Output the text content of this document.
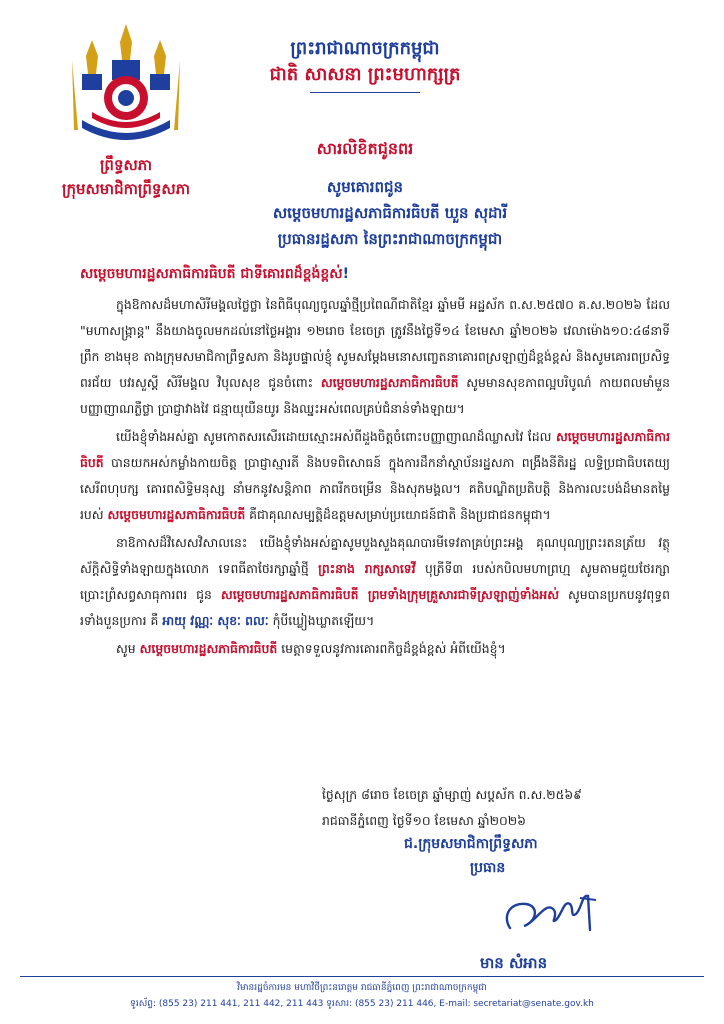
ព្រះរាជាណាចក្រកម្ពុជា
ជាតិ សាសនា ព្រះមហាក្សត្រ
ព្រឹទ្ធសភា
ក្រុមសមាជិកាព្រឹទ្ធសភា
សារលិខិតជូនពរ
សូមគោរពជូន
សម្ដេចមហារដ្ឋសភាធិការធិបតី ឃួន សុដារី
ប្រធានរដ្ឋសភា នៃព្រះរាជាណាចក្រកម្ពុជា
សម្ដេចមហារដ្ឋសភាធិការធិបតី ជាទីគោរពដ៏ខ្ពង់ខ្ពស់!

ក្នុងឱកាសដ៏មហាសិរីមង្គលថ្លៃថ្លា នៃពិធីបុណ្យចូលឆ្នាំថ្មីប្រពៃណីជាតិខ្មែរ ឆ្នាំមមី អដ្ឋស័ក ព.ស.២៥៧០ គ.ស.២០២៦ ដែល "មហាសង្ក្រាន្ត" នឹងយាងចូលមកដល់នៅថ្ងៃអង្គារ ១២រោច ខែចេត្រ ត្រូវនឹងថ្ងៃទី១៤ ខែមេសា ឆ្នាំ២០២៦ វេលាម៉ោង១០:៤៨នាទីព្រឹក ខាងមុខ តាងក្រុមសមាជិកាព្រឹទ្ធសភា និងរូបផ្ទាល់ខ្ញុំ សូមសម្ដែងមនោសញ្ចេតនាគោរពស្រឡាញ់ដ៏ខ្ពង់ខ្ពស់ និងសូមគោរពប្រសិទ្ធពរជ័យ បវរសួស្ដី សិរីមង្គល វិបុលសុខ ជូនចំពោះ សម្ដេចមហារដ្ឋសភាធិការធិបតី សូមមានសុខភាពល្អបរិបូណ៌ កាយពលមាំមួន បញ្ញាញាណភ្លឺថ្លា ប្រាជ្ញាវាងវៃ ជន្មាយុយឺនយូរ និងឈ្នះអស់ពេលគ្រប់ជំនាន់ទាំងឡាយ។

យើងខ្ញុំទាំងអស់គ្នា សូមកោតសរសើរដោយស្មោះអស់ពីដួងចិត្តចំពោះបញ្ញាញាណដ៏ឈ្លាសវៃ ដែល សម្ដេចមហារដ្ឋសភាធិការធិបតី បានយកអស់កម្លាំងកាយចិត្ត ប្រាជ្ញាស្មារតី និងបទពិសោធន៍ ក្នុងការដឹកនាំស្ថាប័នរដ្ឋសភា ពង្រឹងនីតិរដ្ឋ លទ្ធិប្រជាធិបតេយ្យ សេរីពហុបក្ស គោរពសិទ្ធិមនុស្ស នាំមកនូវសន្តិភាព ភាពរីកចម្រើន និងសុភមង្គល។ គតិបណ្ឌិតប្រតិបត្តិ និងការលះបង់ដ៏មានតម្លៃរបស់ សម្ដេចមហារដ្ឋសភាធិការធិបតី គឺជាគុណសម្បត្តិដ៏ឧត្តមសម្រាប់ប្រយោជន៍ជាតិ និងប្រជាជនកម្ពុជា។

នាឱកាសដ៏វិសេសវិសាលនេះ យើងខ្ញុំទាំងអស់គ្នាសូមបួងសួងគុណបារមីទេវតាគ្រប់ព្រះអង្គ គុណបុណ្យព្រះរតនត្រ័យ វត្ថុស័ក្តិសិទ្ធិទាំងឡាយក្នុងលោក ទេពធីតាថែរក្សាឆ្នាំថ្មី ព្រះនាង រាក្សសាទេវី បុត្រីទី៣ របស់កបិលមហាព្រហ្ម សូមតាមជួយថែរក្សា ប្រោះព្រំសព្វសាធុការពរ ជូន សម្ដេចមហារដ្ឋសភាធិការធិបតី ព្រមទាំងក្រុមគ្រួសារជាទីស្រឡាញ់ទាំងអស់ សូមបានប្រកបនូវពុទ្ធពរទាំងបួនប្រការ គឺ អាយុ វណ្ណៈ សុខៈ ពលៈ កុំបីឃ្លៀងឃ្លាតឡើយ។

សូម សម្ដេចមហារដ្ឋសភាធិការធិបតី មេត្តាទទួលនូវការគោរពកិច្ចដ៏ខ្ពង់ខ្ពស់ អំពីយើងខ្ញុំ។

ថ្ងៃសុក្រ ៨រោច ខែចេត្រ ឆ្នាំម្សាញ់ សប្តស័ក ព.ស.២៥៦៩
រាជធានីភ្នំពេញ ថ្ងៃទី១០ ខែមេសា ឆ្នាំ២០២៦
ជ.ក្រុមសមាជិកាព្រឹទ្ធសភា
ប្រធាន
មាន សំអាន
វិមានរដ្ឋចំការមន មហាវិថីព្រះនរោត្តម រាជធានីភ្នំពេញ ព្រះរាជាណាចក្រកម្ពុជា
ទូរស័ព្ទ: (855 23) 211 441, 211 442, 211 443 ទូរសារ: (855 23) 211 446, E-mail: secretariat@senate.gov.kh
